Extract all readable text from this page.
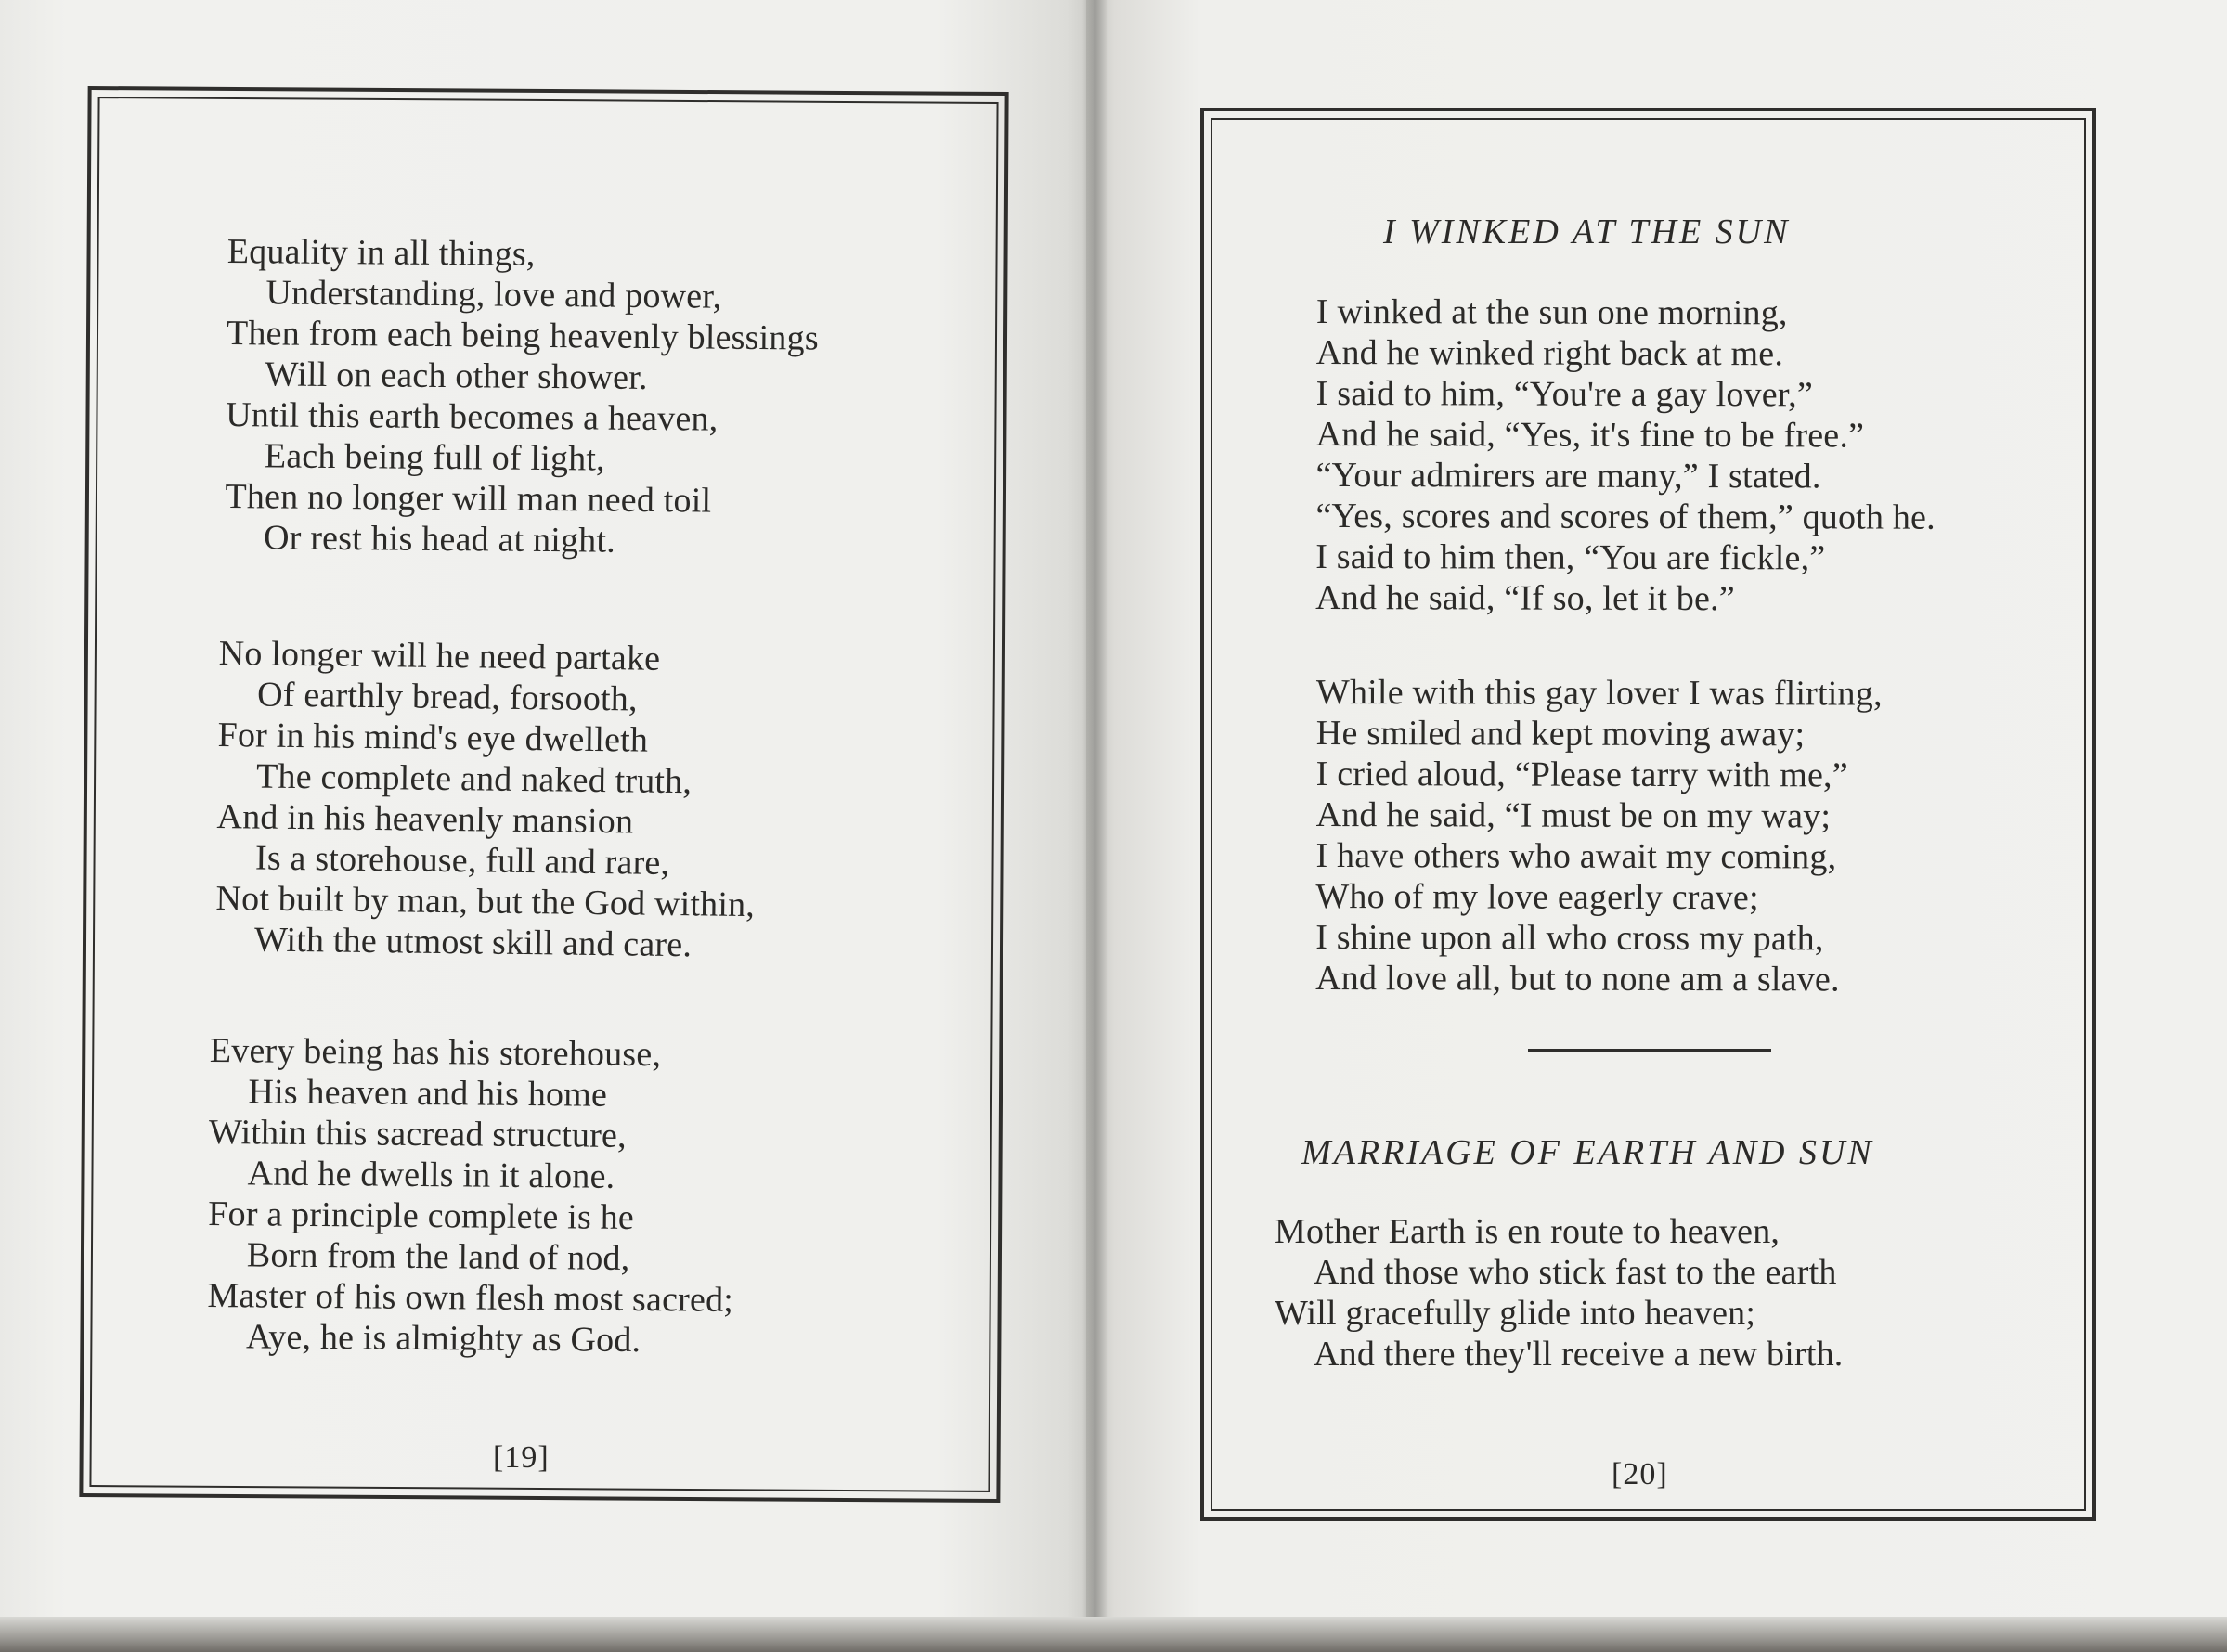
Equality in all things,
Understanding, love and power,
Then from each being heavenly blessings
Will on each other shower.
Until this earth becomes a heaven,
Each being full of light,
Then no longer will man need toil
Or rest his head at night.
No longer will he need partake
Of earthly bread, forsooth,
For in his mind's eye dwelleth
The complete and naked truth,
And in his heavenly mansion
Is a storehouse, full and rare,
Not built by man, but the God within,
With the utmost skill and care.
Every being has his storehouse,
His heaven and his home
Within this sacread structure,
And he dwells in it alone.
For a principle complete is he
Born from the land of nod,
Master of his own flesh most sacred;
Aye, he is almighty as God.
[19]
I WINKED AT THE SUN
I winked at the sun one morning,
And he winked right back at me.
I said to him, “You're a gay lover,”
And he said, “Yes, it's fine to be free.”
“Your admirers are many,” I stated.
“Yes, scores and scores of them,” quoth he.
I said to him then, “You are fickle,”
And he said, “If so, let it be.”
While with this gay lover I was flirting,
He smiled and kept moving away;
I cried aloud, “Please tarry with me,”
And he said, “I must be on my way;
I have others who await my coming,
Who of my love eagerly crave;
I shine upon all who cross my path,
And love all, but to none am a slave.
MARRIAGE OF EARTH AND SUN
Mother Earth is en route to heaven,
And those who stick fast to the earth
Will gracefully glide into heaven;
And there they'll receive a new birth.
[20]
